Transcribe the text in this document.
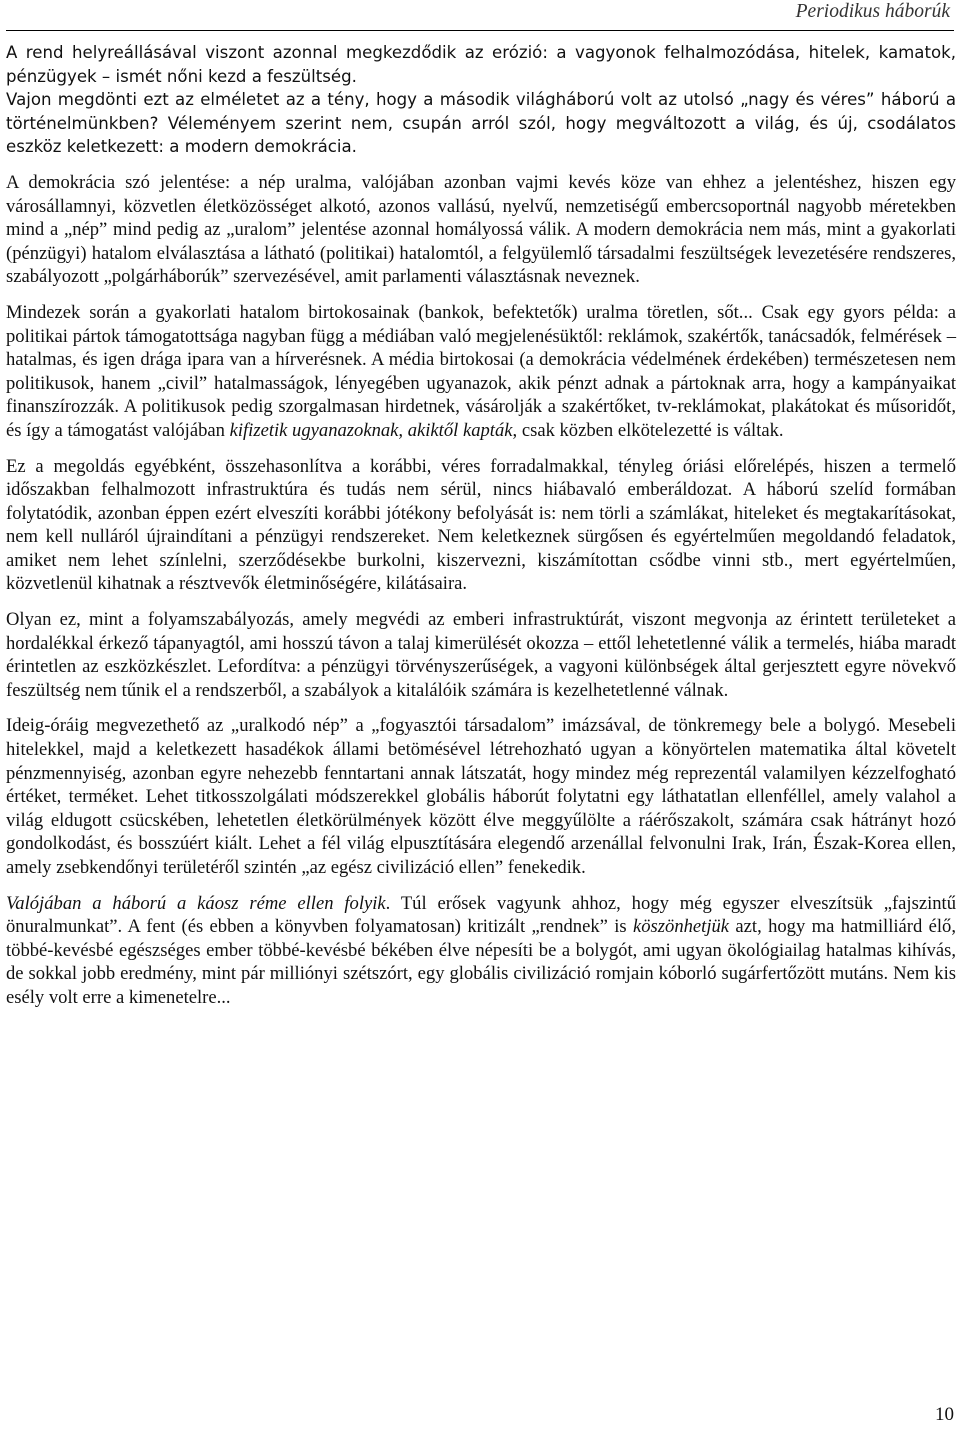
Periodikus háborúk

A rend helyreállásával viszont azonnal megkezdődik az erózió: a vagyonok felhalmozódása, hitelek, kamatok, pénzügyek – ismét nőni kezd a feszültség.

Vajon megdönti ezt az elméletet az a tény, hogy a második világháború volt az utolsó „nagy és véres” háború a történelmünkben? Véleményem szerint nem, csupán arról szól, hogy megváltozott a világ, és új, csodálatos eszköz keletkezett: a modern demokrácia.

A demokrácia szó jelentése: a nép uralma, valójában azonban vajmi kevés köze van ehhez a jelentéshez, hiszen egy városállamnyi, közvetlen életközösséget alkotó, azonos vallású, nyelvű, nemzetiségű embercsoportnál nagyobb méretekben mind a „nép” mind pedig az „uralom” jelentése azonnal homályossá válik. A modern demokrácia nem más, mint a gyakorlati (pénzügyi) hatalom elválasztása a látható (politikai) hatalomtól, a felgyülemlő társadalmi feszültségek levezetésére rendszeres, szabályozott „polgárháborúk” szervezésével, amit parlamenti választásnak neveznek.

Mindezek során a gyakorlati hatalom birtokosainak (bankok, befektetők) uralma töretlen, sőt... Csak egy gyors példa: a politikai pártok támogatottsága nagyban függ a médiában való megjelenésüktől: reklámok, szakértők, tanácsadók, felmérések – hatalmas, és igen drága ipara van a hírverésnek. A média birtokosai (a demokrácia védelmének érdekében) természetesen nem politikusok, hanem „civil” hatalmasságok, lényegében ugyanazok, akik pénzt adnak a pártoknak arra, hogy a kampányaikat finanszírozzák. A politikusok pedig szorgalmasan hirdetnek, vásárolják a szakértőket, tv-reklámokat, plakátokat és műsoridőt, és így a támogatást valójában kifizetik ugyanazoknak, akiktől kapták, csak közben elkötelezetté is váltak.

Ez a megoldás egyébként, összehasonlítva a korábbi, véres forradalmakkal, tényleg óriási előrelépés, hiszen a termelő időszakban felhalmozott infrastruktúra és tudás nem sérül, nincs hiábavaló emberáldozat. A háború szelíd formában folytatódik, azonban éppen ezért elveszíti korábbi jótékony befolyását is: nem törli a számlákat, hiteleket és megtakarításokat, nem kell nulláról újraindítani a pénzügyi rendszereket. Nem keletkeznek sürgősen és egyértelműen megoldandó feladatok, amiket nem lehet színlelni, szerződésekbe burkolni, kiszervezni, kiszámítottan csődbe vinni stb., mert egyértelműen, közvetlenül kihatnak a résztvevők életminőségére, kilátásaira.

Olyan ez, mint a folyamszabályozás, amely megvédi az emberi infrastruktúrát, viszont megvonja az érintett területeket a hordalékkal érkező tápanyagtól, ami hosszú távon a talaj kimerülését okozza – ettől lehetetlenné válik a termelés, hiába maradt érintetlen az eszközkészlet. Lefordítva: a pénzügyi törvényszerűségek, a vagyoni különbségek által gerjesztett egyre növekvő feszültség nem tűnik el a rendszerből, a szabályok a kitalálóik számára is kezelhetetlenné válnak.

Ideig-óráig megvezethető az „uralkodó nép” a „fogyasztói társadalom” imázsával, de tönkremegy bele a bolygó. Mesebeli hitelekkel, majd a keletkezett hasadékok állami betömésével létrehozható ugyan a könyörtelen matematika által követelt pénzmennyiség, azonban egyre nehezebb fenntartani annak látszatát, hogy mindez még reprezentál valamilyen kézzelfogható értéket, terméket. Lehet titkosszolgálati módszerekkel globális háborút folytatni egy láthatatlan ellenféllel, amely valahol a világ eldugott csücskében, lehetetlen életkörülmények között élve meggyűlölte a ráérőszakolt, számára csak hátrányt hozó gondolkodást, és bosszúért kiált. Lehet a fél világ elpusztítására elegendő arzenállal felvonulni Irak, Irán, Észak-Korea ellen, amely zsebkendőnyi területéről szintén „az egész civilizáció ellen” fenekedik.

Valójában a háború a káosz réme ellen folyik. Túl erősek vagyunk ahhoz, hogy még egyszer elveszítsük „fajszintű önuralmunkat”. A fent (és ebben a könyvben folyamatosan) kritizált „rendnek” is köszönhetjük azt, hogy ma hatmilliárd élő, többé-kevésbé egészséges ember többé-kevésbé békében élve népesíti be a bolygót, ami ugyan ökológiailag hatalmas kihívás, de sokkal jobb eredmény, mint pár milliónyi szétszórt, egy globális civilizáció romjain kóborló sugárfertőzött mutáns. Nem kis esély volt erre a kimenetelre...

10
